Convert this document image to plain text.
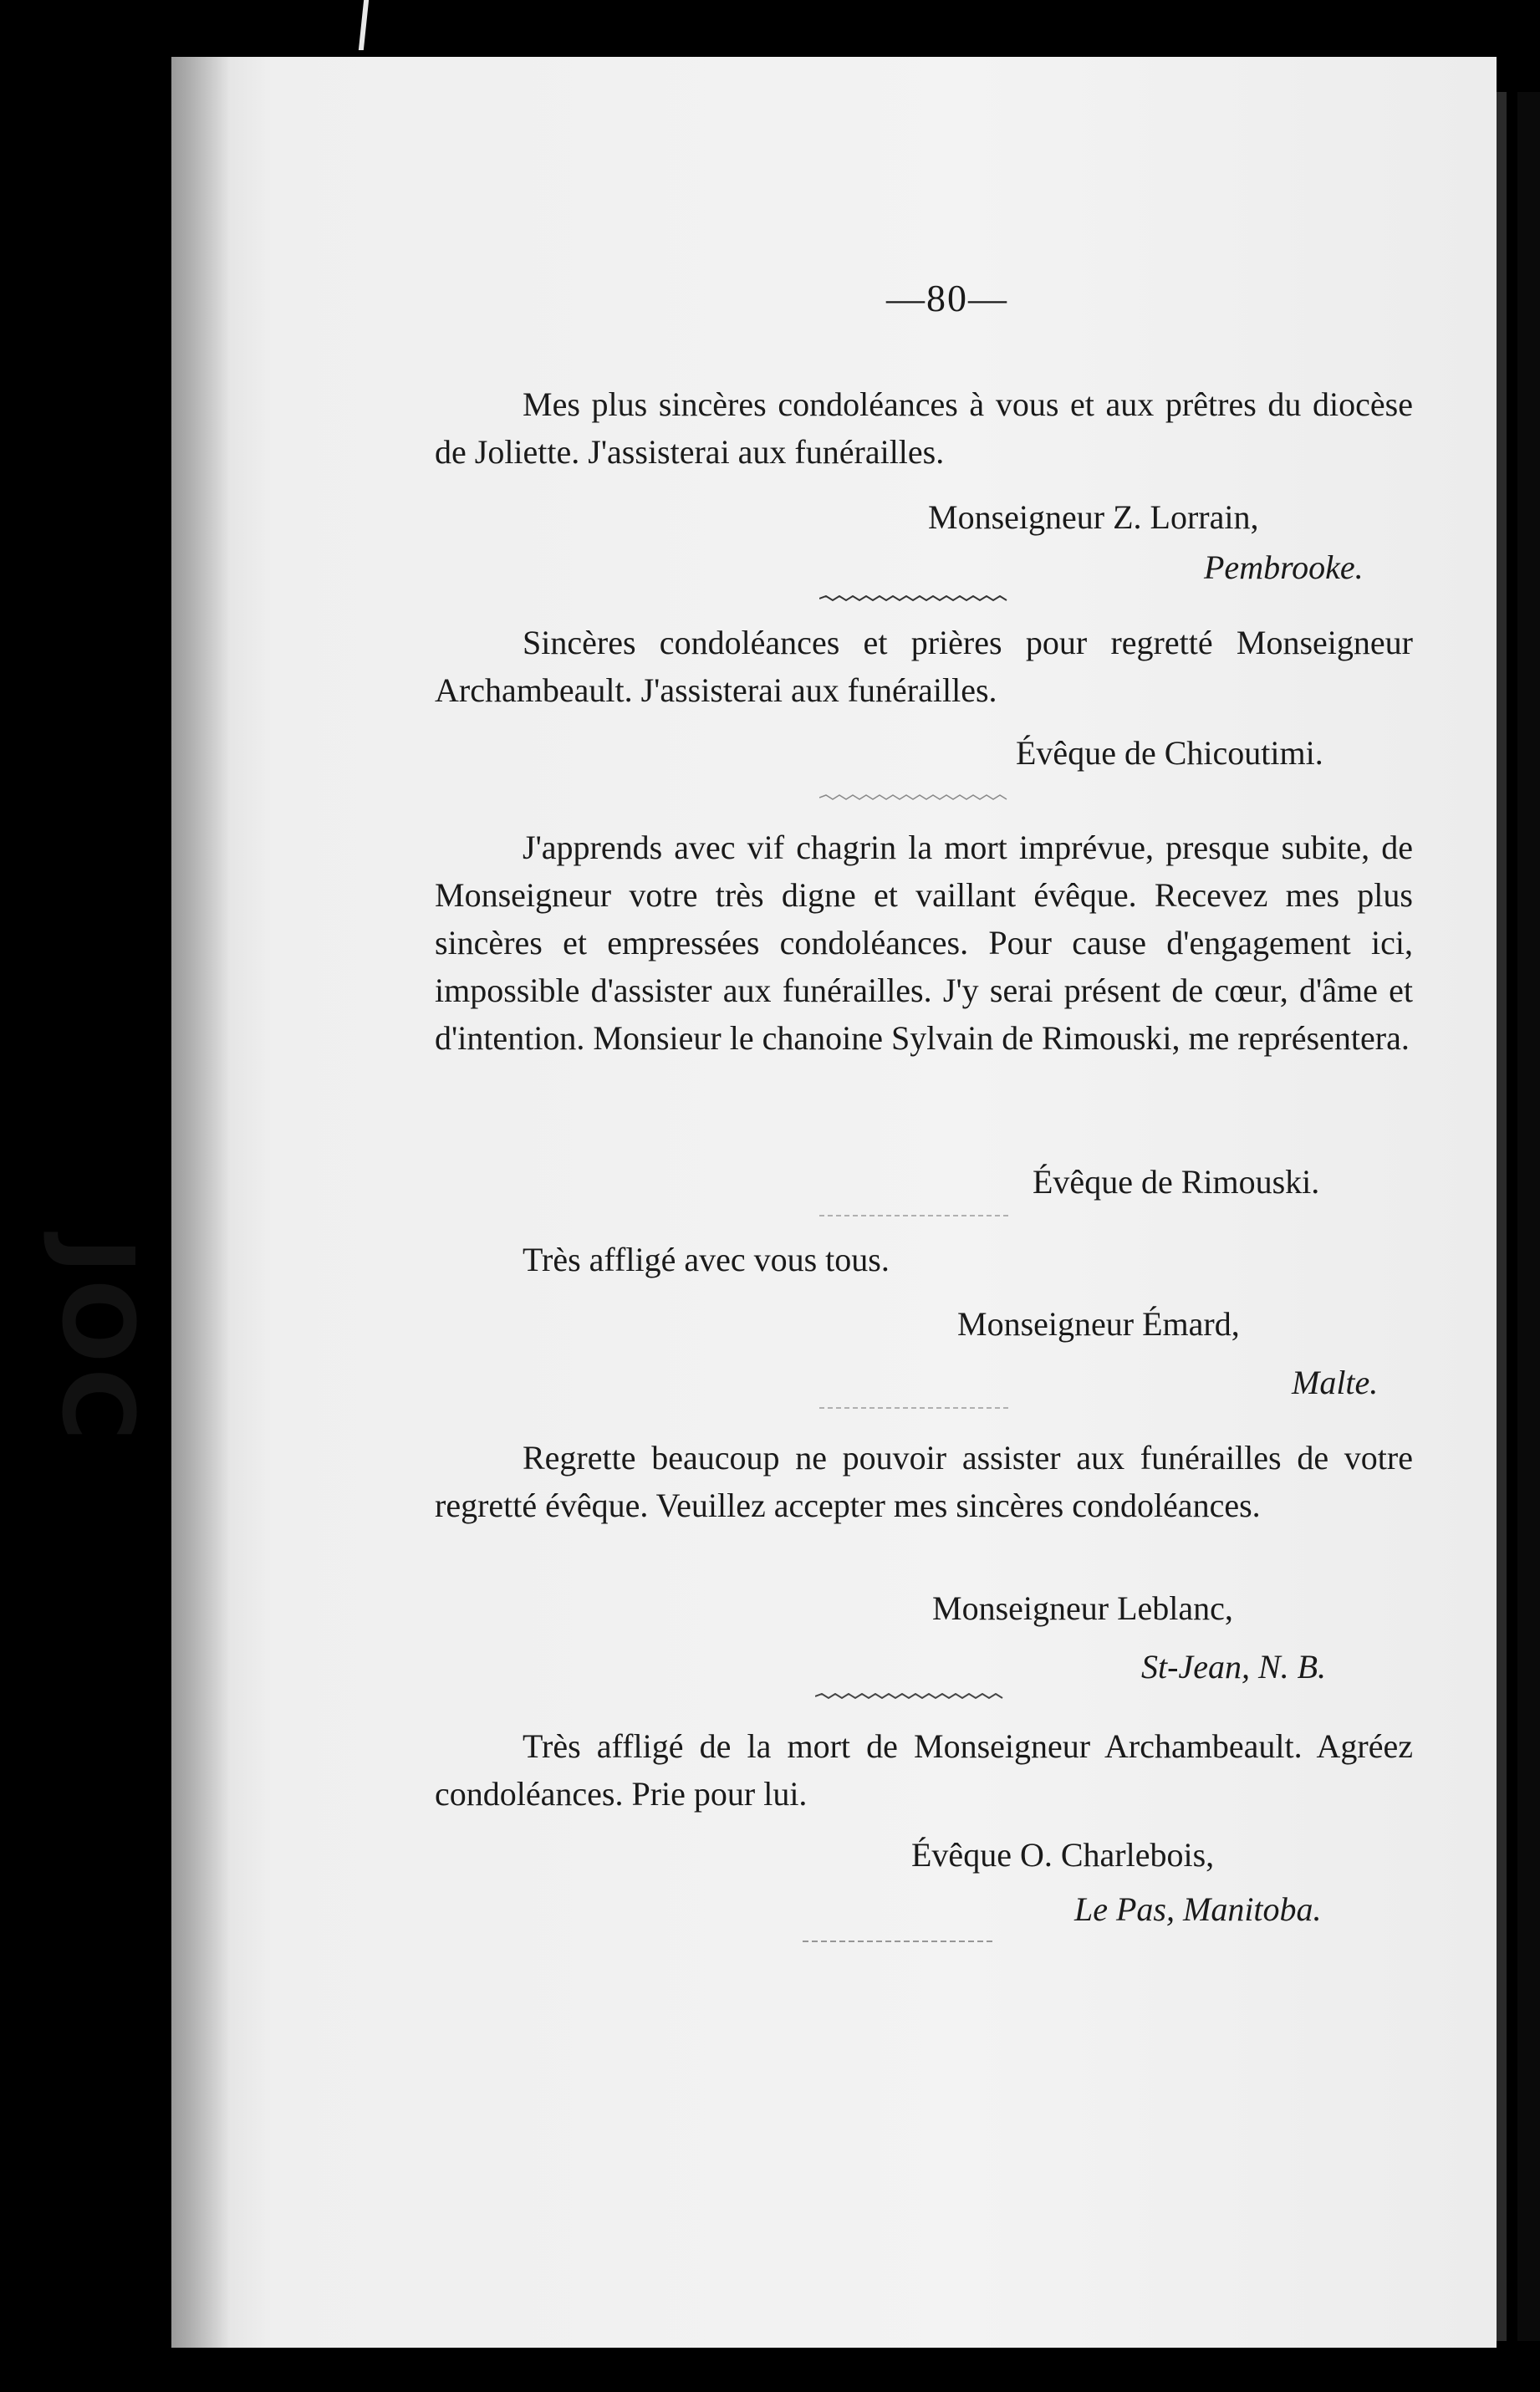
JOC
—80—

Mes plus sincères condoléances à vous et aux prêtres du diocèse de Joliette. J'assisterai aux funérailles.

Monseigneur Z. Lorrain,
Pembrooke.

Sincères condoléances et prières pour regretté Monseigneur Archambeault. J'assisterai aux funérailles.

Évêque de Chicoutimi.

J'apprends avec vif chagrin la mort imprévue, presque subite, de Monseigneur votre très digne et vaillant évêque. Recevez mes plus sincères et empressées condoléances. Pour cause d'engagement ici, impossible d'assister aux funérailles. J'y serai présent de cœur, d'âme et d'intention. Monsieur le chanoine Sylvain de Rimouski, me représentera.

Évêque de Rimouski.

Très affligé avec vous tous.

Monseigneur Émard,
Malte.

Regrette beaucoup ne pouvoir assister aux funérailles de votre regretté évêque. Veuillez accepter mes sincères condoléances.

Monseigneur Leblanc,
St-Jean, N. B.

Très affligé de la mort de Monseigneur Archambeault. Agréez condoléances. Prie pour lui.

Évêque O. Charlebois,
Le Pas, Manitoba.
